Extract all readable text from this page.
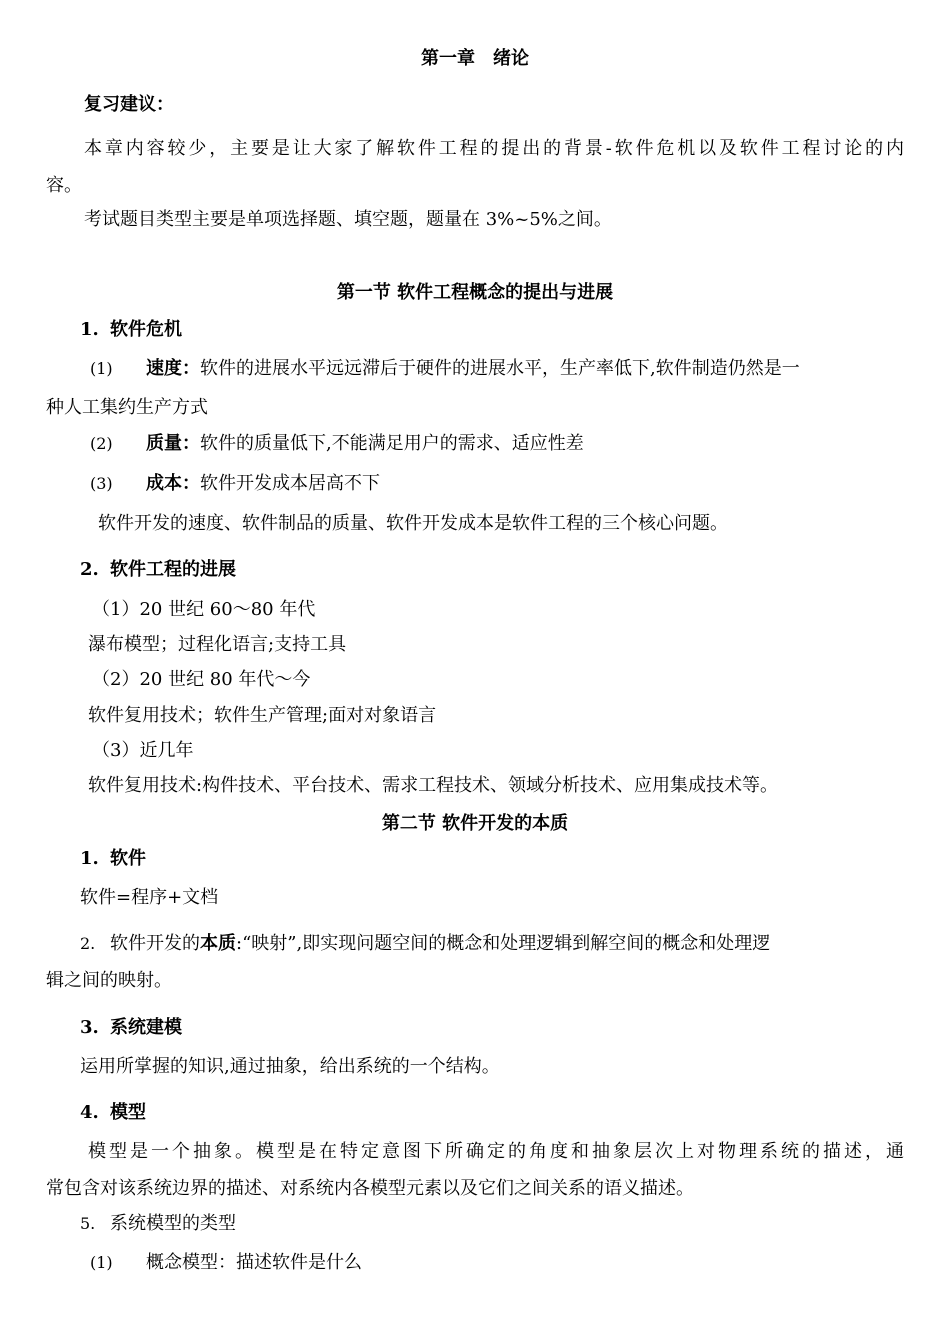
第一章　绪论
复习建议：
本章内容较少，主要是让大家了解软件工程的提出的背景-软件危机以及软件工程讨论的内
容。
考试题目类型主要是单项选择题、填空题，题量在 3%~5%之间。
第一节 软件工程概念的提出与进展
1. 软件危机
(1) 速度：软件的进展水平远远滞后于硬件的进展水平，生产率低下,软件制造仍然是一
种人工集约生产方式
(2) 质量：软件的质量低下,不能满足用户的需求、适应性差
(3) 成本：软件开发成本居高不下
软件开发的速度、软件制品的质量、软件开发成本是软件工程的三个核心问题。
2. 软件工程的进展
（1）20 世纪 60～80 年代
瀑布模型；过程化语言;支持工具
（2）20 世纪 80 年代～今
软件复用技术；软件生产管理;面对对象语言
（3）近几年
软件复用技术:构件技术、平台技术、需求工程技术、领域分析技术、应用集成技术等。
第二节 软件开发的本质
1. 软件
软件=程序+文档
2. 软件开发的本质:“映射”,即实现问题空间的概念和处理逻辑到解空间的概念和处理逻
辑之间的映射。
3. 系统建模
运用所掌握的知识,通过抽象，给出系统的一个结构。
4. 模型
模型是一个抽象。模型是在特定意图下所确定的角度和抽象层次上对物理系统的描述，通
常包含对该系统边界的描述、对系统内各模型元素以及它们之间关系的语义描述。
5. 系统模型的类型
(1) 概念模型：描述软件是什么
